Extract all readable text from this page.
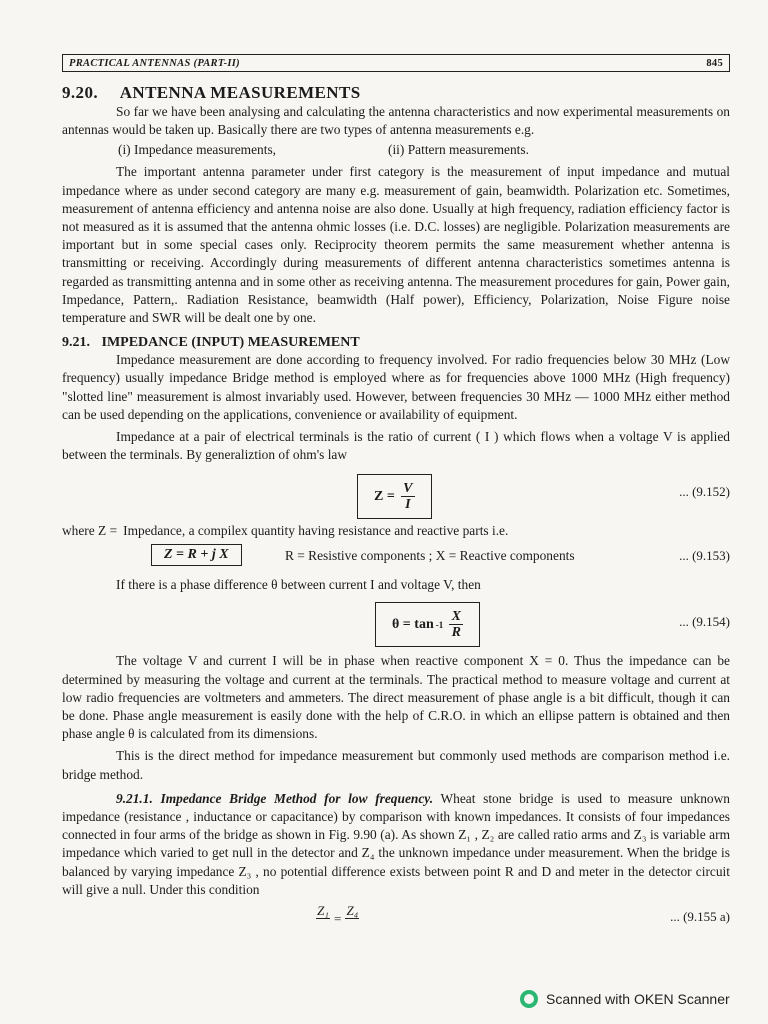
PRACTICAL ANTENNAS (PART-II)	845
9.20. ANTENNA MEASUREMENTS

So far we have been analysing and calculating the antenna characteristics and now experimental measurements on antennas would be taken up. Basically there are two types of antenna measurements e.g.

(i) Impedance measurements,	(ii) Pattern measurements.

The important antenna parameter under first category is the measurement of input impedance and mutual impedance where as under second category are many e.g. measurement of gain, beamwidth. Polarization etc. Sometimes, measurement of antenna efficiency and antenna noise are also done. Usually at high frequency, radiation efficiency factor is not measured as it is assumed that the antenna ohmic losses (i.e. D.C. losses) are negligible. Polarization measurements are important but in some special cases only. Reciprocity theorem permits the same measurement whether antenna is transmitting or receiving. Accordingly during measurements of different antenna characteristics sometimes antenna is regarded as transmitting antenna and in some other as receiving antenna. The measurement procedures for gain, Power gain, Impedance, Pattern,. Radiation Resistance, beamwidth (Half power), Efficiency, Polarization, Noise Figure noise temperature and SWR will be dealt one by one.

9.21. IMPEDANCE (INPUT) MEASUREMENT

Impedance measurement are done according to frequency involved. For radio frequencies below 30 MHz (Low frequency) usually impedance Bridge method is employed where as for frequencies above 1000 MHz (High frequency) "slotted line" measurement is almost invariably used. However, between frequencies 30 MHz — 1000 MHz either method can be used depending on the applications, convenience or availability of equipment.

Impedance at a pair of electrical terminals is the ratio of current ( I ) which flows when a voltage V is applied between the terminals. By generaliztion of ohm's law

$Z = \frac{V}{I}$	... (9.152)
where Z = Impedance, a compilex quantity having resistance and reactive parts i.e.
Z = R + j X	R = Resistive components ; X = Reactive components	... (9.153)
If there is a phase difference θ between current I and voltage V, then
$\theta = \tan -1 \frac{X}{R}$	... (9.154)

The voltage V and current I will be in phase when reactive component X = 0. Thus the impedance can be determined by measuring the voltage and current at the terminals. The practical method to measure voltage and current at low radio frequencies are voltmeters and ammeters. The direct measurement of phase angle is a bit difficult, though it can be done. Phase angle measurement is easily done with the help of C.R.O. in which an ellipse pattern is obtained and then phase angle θ is calculated from its dimensions.

This is the direct method for impedance measurement but commonly used methods are comparison method i.e. bridge method.

9.21.1. Impedance Bridge Method for low frequency. Wheat stone bridge is used to measure unknown impedance (resistance , inductance or capacitance) by comparison with known impedances. It consists of four impedances connected in four arms of the bridge as shown in Fig. 9.90 (a). As shown Z₁ , Z₂ are called ratio arms and Z₃ is variable arm impedance which varied to get null in the detector and Z₄ the unknown impedance under measurement. When the bridge is balanced by varying impedance Z₃ , no potential difference exists between point R and D and meter in the detector circuit will give a null. Under this condition

Z₁
= Z₄
	... (9.155 a)
Scanned with OKEN Scanner
